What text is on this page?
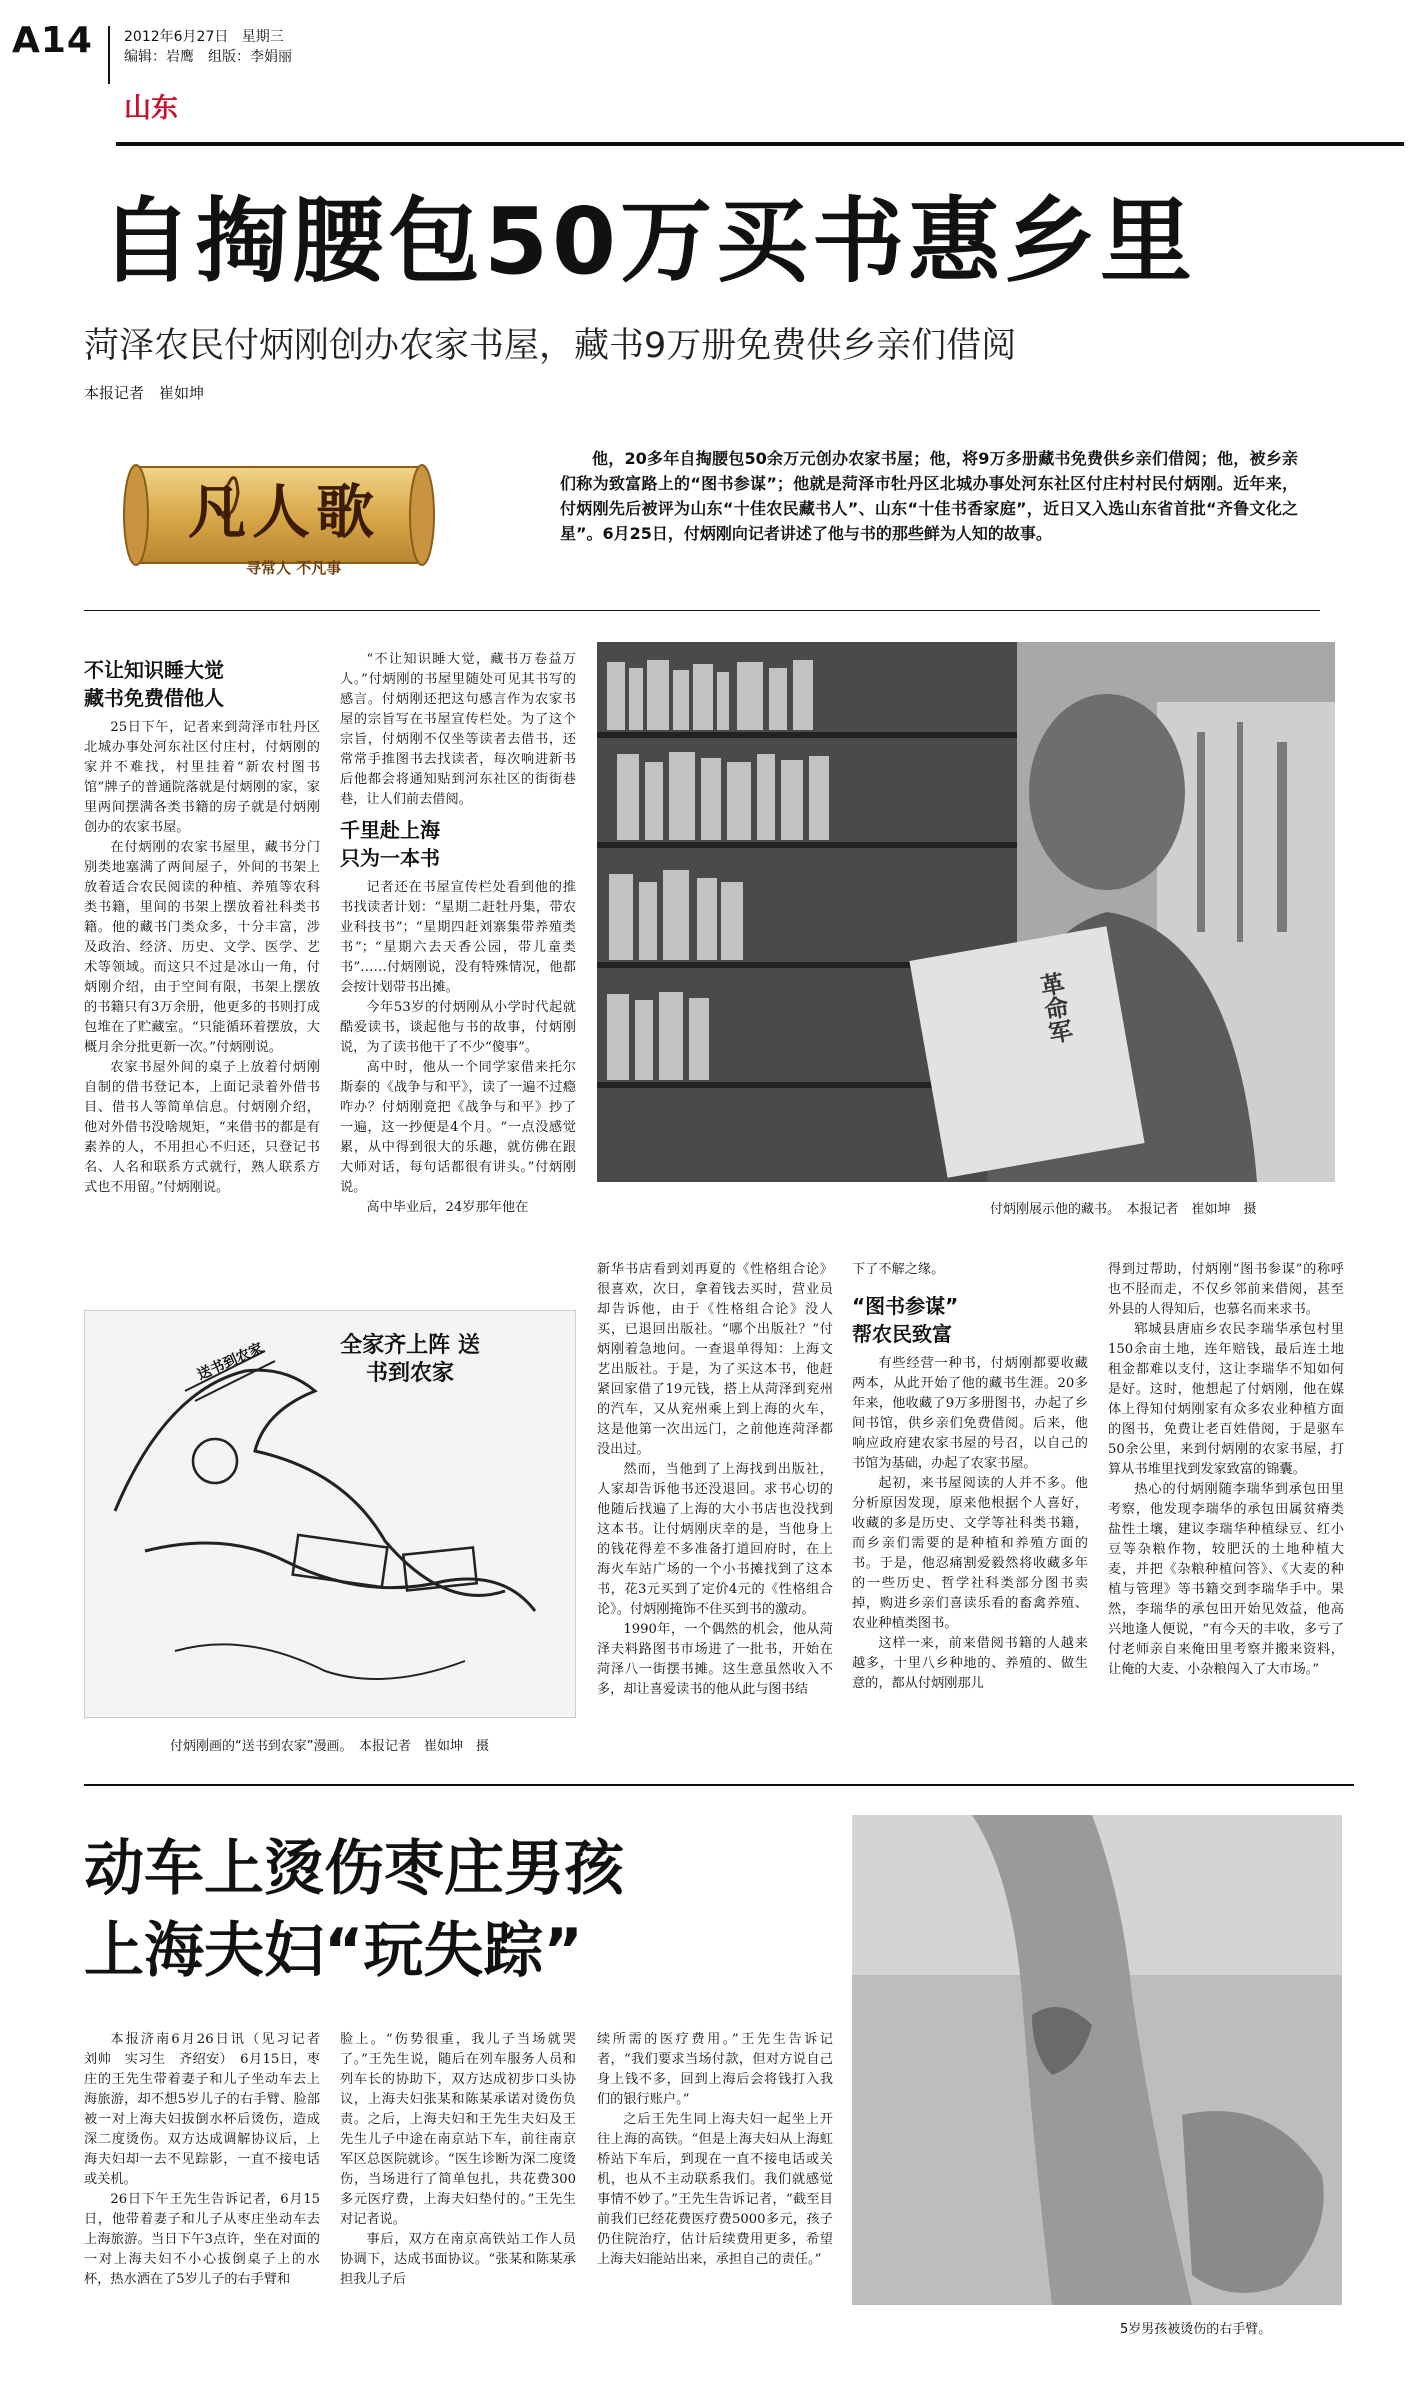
A14 2012年6月27日 星期三
编辑：岩鹰　组版：李娟丽
山东
自掏腰包50万买书惠乡里
菏泽农民付炳刚创办农家书屋，藏书9万册免费供乡亲们借阅
本报记者　崔如坤
凡人歌
寻常人 不凡事
他，20多年自掏腰包50余万元创办农家书屋；他，将9万多册藏书免费供乡亲们借阅；他，被乡亲们称为致富路上的“图书参谋”；他就是菏泽市牡丹区北城办事处河东社区付庄村村民付炳刚。近年来，付炳刚先后被评为山东“十佳农民藏书人”、山东“十佳书香家庭”，近日又入选山东省首批“齐鲁文化之星”。6月25日，付炳刚向记者讲述了他与书的那些鲜为人知的故事。
不让知识睡大觉
藏书免费借他人

25日下午，记者来到菏泽市牡丹区北城办事处河东社区付庄村，付炳刚的家并不难找，村里挂着“新农村图书馆”牌子的普通院落就是付炳刚的家，家里两间摆满各类书籍的房子就是付炳刚创办的农家书屋。

在付炳刚的农家书屋里，藏书分门别类地塞满了两间屋子，外间的书架上放着适合农民阅读的种植、养殖等农科类书籍，里间的书架上摆放着社科类书籍。他的藏书门类众多，十分丰富，涉及政治、经济、历史、文学、医学、艺术等领域。而这只不过是冰山一角，付炳刚介绍，由于空间有限，书架上摆放的书籍只有3万余册，他更多的书则打成包堆在了贮藏室。“只能循环着摆放，大概月余分批更新一次。”付炳刚说。

农家书屋外间的桌子上放着付炳刚自制的借书登记本，上面记录着外借书目、借书人等简单信息。付炳刚介绍，他对外借书没啥规矩，“来借书的都是有素养的人，不用担心不归还，只登记书名、人名和联系方式就行，熟人联系方式也不用留。”付炳刚说。

“不让知识睡大觉，藏书万卷益万人。”付炳刚的书屋里随处可见其书写的感言。付炳刚还把这句感言作为农家书屋的宗旨写在书屋宣传栏处。为了这个宗旨，付炳刚不仅坐等读者去借书，还常常手推图书去找读者，每次响进新书后他都会将通知贴到河东社区的街街巷巷，让人们前去借阅。

千里赴上海
只为一本书

记者还在书屋宣传栏处看到他的推书找读者计划：“星期二赶牡丹集，带农业科技书”；“星期四赶刘寨集带养殖类书”；“星期六去天香公园，带儿童类书”……付炳刚说，没有特殊情况，他都会按计划带书出摊。

今年53岁的付炳刚从小学时代起就酷爱读书，谈起他与书的故事，付炳刚说，为了读书他干了不少“傻事”。

高中时，他从一个同学家借来托尔斯泰的《战争与和平》，读了一遍不过瘾咋办？付炳刚竟把《战争与和平》抄了一遍，这一抄便是4个月。“一点没感觉累，从中得到很大的乐趣，就仿佛在跟大师对话，每句话都很有讲头。”付炳刚说。

高中毕业后，24岁那年他在

革命军
付炳刚展示他的藏书。　本报记者　崔如坤　摄
全家齐上阵 送书到农家
送书到农家
付炳刚画的“送书到农家”漫画。　本报记者　崔如坤　摄

新华书店看到刘再夏的《性格组合论》很喜欢，次日，拿着钱去买时，营业员却告诉他，由于《性格组合论》没人买，已退回出版社。“哪个出版社？”付炳刚着急地问。一查退单得知：上海文艺出版社。于是，为了买这本书，他赶紧回家借了19元钱，搭上从菏泽到兖州的汽车，又从兖州乘上到上海的火车，这是他第一次出远门，之前他连菏泽都没出过。

然而，当他到了上海找到出版社，人家却告诉他书还没退回。求书心切的他随后找遍了上海的大小书店也没找到这本书。让付炳刚庆幸的是，当他身上的钱花得差不多准备打道回府时，在上海火车站广场的一个小书摊找到了这本书，花3元买到了定价4元的《性格组合论》。付炳刚掩饰不住买到书的激动。

1990年，一个偶然的机会，他从菏泽夫料路图书市场进了一批书，开始在菏泽八一街摆书摊。这生意虽然收入不多，却让喜爱读书的他从此与图书结

下了不解之缘。

“图书参谋”
帮农民致富

有些经营一种书，付炳刚都要收藏两本，从此开始了他的藏书生涯。20多年来，他收藏了9万多册图书，办起了乡间书馆，供乡亲们免费借阅。后来，他响应政府建农家书屋的号召，以自己的书馆为基础，办起了农家书屋。

起初，来书屋阅读的人并不多。他分析原因发现，原来他根据个人喜好，收藏的多是历史、文学等社科类书籍，而乡亲们需要的是种植和养殖方面的书。于是，他忍痛割爱毅然将收藏多年的一些历史、哲学社科类部分图书卖掉，购进乡亲们喜读乐看的畜禽养殖、农业种植类图书。

这样一来，前来借阅书籍的人越来越多，十里八乡种地的、养殖的、做生意的，都从付炳刚那儿

得到过帮助，付炳刚“图书参谋”的称呼也不胫而走，不仅乡邻前来借阅，甚至外县的人得知后，也慕名而来求书。

郓城县唐庙乡农民李瑞华承包村里150余亩土地，连年赔钱，最后连土地租金都难以支付，这让李瑞华不知如何是好。这时，他想起了付炳刚，他在媒体上得知付炳刚家有众多农业种植方面的图书，免费让老百姓借阅，于是驱车50余公里，来到付炳刚的农家书屋，打算从书堆里找到发家致富的锦囊。

热心的付炳刚随李瑞华到承包田里考察，他发现李瑞华的承包田属贫瘠类盐性土壤，建议李瑞华种植绿豆、红小豆等杂粮作物，较肥沃的土地种植大麦，并把《杂粮种植问答》、《大麦的种植与管理》等书籍交到李瑞华手中。果然，李瑞华的承包田开始见效益，他高兴地逢人便说，“有今天的丰收，多亏了付老师亲自来俺田里考察并搬来资料，让俺的大麦、小杂粮闯入了大市场。”

动车上烫伤枣庄男孩
上海夫妇“玩失踪”

本报济南6月26日讯（见习记者　刘帅　实习生　齐绍安）　6月15日，枣庄的王先生带着妻子和儿子坐动车去上海旅游，却不想5岁儿子的右手臂、脸部被一对上海夫妇拔倒水杯后烫伤，造成深二度烫伤。双方达成调解协议后，上海夫妇却一去不见踪影，一直不接电话或关机。

26日下午王先生告诉记者，6月15日，他带着妻子和儿子从枣庄坐动车去上海旅游。当日下午3点许，坐在对面的一对上海夫妇不小心拔倒桌子上的水杯，热水洒在了5岁儿子的右手臂和

脸上。“伤势很重，我儿子当场就哭了。”王先生说，随后在列车服务人员和列车长的协助下，双方达成初步口头协议，上海夫妇张某和陈某承诺对烫伤负责。之后，上海夫妇和王先生夫妇及王先生儿子中途在南京站下车，前往南京军区总医院就诊。“医生诊断为深二度烫伤，当场进行了简单包扎，共花费300多元医疗费，上海夫妇垫付的。”王先生对记者说。

事后，双方在南京高铁站工作人员协调下，达成书面协议。“张某和陈某承担我儿子后

续所需的医疗费用。”王先生告诉记者，“我们要求当场付款，但对方说自己身上钱不多，回到上海后会将钱打入我们的银行账户。”

之后王先生同上海夫妇一起坐上开往上海的高铁。“但是上海夫妇从上海虹桥站下车后，到现在一直不接电话或关机，也从不主动联系我们。我们就感觉事情不妙了。”王先生告诉记者，“截至目前我们已经花费医疗费5000多元，孩子仍住院治疗，估计后续费用更多，希望上海夫妇能站出来，承担自己的责任。”

5岁男孩被烫伤的右手臂。
